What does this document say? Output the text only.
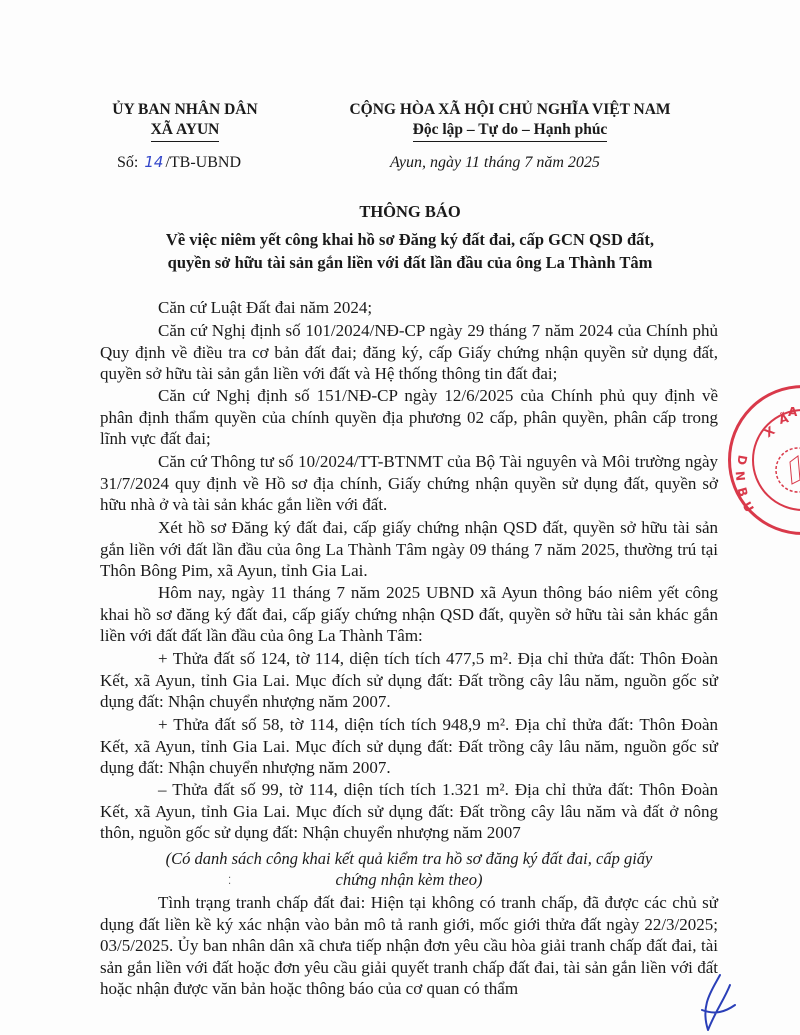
ỦY BAN NHÂN DÂN
XÃ AYUN
CỘNG HÒA XÃ HỘI CHỦ NGHĨA VIỆT NAM
Độc lập – Tự do – Hạnh phúc
Số: 14 /TB-UBND	Ayun, ngày 11 tháng 7 năm 2025
THÔNG BÁO
Về việc niêm yết công khai hồ sơ Đăng ký đất đai, cấp GCN QSD đất,
quyền sở hữu tài sản gắn liền với đất lần đầu của ông La Thành Tâm

Căn cứ Luật Đất đai năm 2024;

Căn cứ Nghị định số 101/2024/NĐ-CP ngày 29 tháng 7 năm 2024 của Chính phủ Quy định về điều tra cơ bản đất đai; đăng ký, cấp Giấy chứng nhận quyền sử dụng đất, quyền sở hữu tài sản gắn liền với đất và Hệ thống thông tin đất đai;

Căn cứ Nghị định số 151/NĐ-CP ngày 12/6/2025 của Chính phủ quy định về phân định thẩm quyền của chính quyền địa phương 02 cấp, phân quyền, phân cấp trong lĩnh vực đất đai;

Căn cứ Thông tư số 10/2024/TT-BTNMT của Bộ Tài nguyên và Môi trường ngày 31/7/2024 quy định về Hồ sơ địa chính, Giấy chứng nhận quyền sử dụng đất, quyền sở hữu nhà ở và tài sản khác gắn liền với đất.

Xét hồ sơ Đăng ký đất đai, cấp giấy chứng nhận QSD đất, quyền sở hữu tài sản gắn liền với đất lần đầu của ông La Thành Tâm ngày 09 tháng 7 năm 2025, thường trú tại Thôn Bông Pim, xã Ayun, tỉnh Gia Lai.

Hôm nay, ngày 11 tháng 7 năm 2025 UBND xã Ayun thông báo niêm yết công khai hồ sơ đăng ký đất đai, cấp giấy chứng nhận QSD đất, quyền sở hữu tài sản khác gắn liền với đất đất lần đầu của ông La Thành Tâm:

+ Thửa đất số 124, tờ 114, diện tích tích 477,5 m². Địa chỉ thửa đất: Thôn Đoàn Kết, xã Ayun, tỉnh Gia Lai. Mục đích sử dụng đất: Đất trồng cây lâu năm, nguồn gốc sử dụng đất: Nhận chuyển nhượng năm 2007.

+ Thửa đất số 58, tờ 114, diện tích tích 948,9 m². Địa chỉ thửa đất: Thôn Đoàn Kết, xã Ayun, tỉnh Gia Lai. Mục đích sử dụng đất: Đất trồng cây lâu năm, nguồn gốc sử dụng đất: Nhận chuyển nhượng năm 2007.

– Thửa đất số 99, tờ 114, diện tích tích 1.321 m². Địa chỉ thửa đất: Thôn Đoàn Kết, xã Ayun, tỉnh Gia Lai. Mục đích sử dụng đất: Đất trồng cây lâu năm và đất ở nông thôn, nguồn gốc sử dụng đất: Nhận chuyển nhượng năm 2007

(Có danh sách công khai kết quả kiểm tra hồ sơ đăng ký đất đai, cấp giấy

chứng nhận kèm theo)

Tình trạng tranh chấp đất đai: Hiện tại không có tranh chấp, đã được các chủ sử dụng đất liền kề ký xác nhận vào bản mô tả ranh giới, mốc giới thửa đất ngày 22/3/2025; 03/5/2025. Ủy ban nhân dân xã chưa tiếp nhận đơn yêu cầu hòa giải tranh chấp đất đai, tài sản gắn liền với đất hoặc đơn yêu cầu giải quyết tranh chấp đất đai, tài sản gắn liền với đất hoặc nhận được văn bản hoặc thông báo của cơ quan có thẩm

X
Ã
A
U
B
N
D
⁚
